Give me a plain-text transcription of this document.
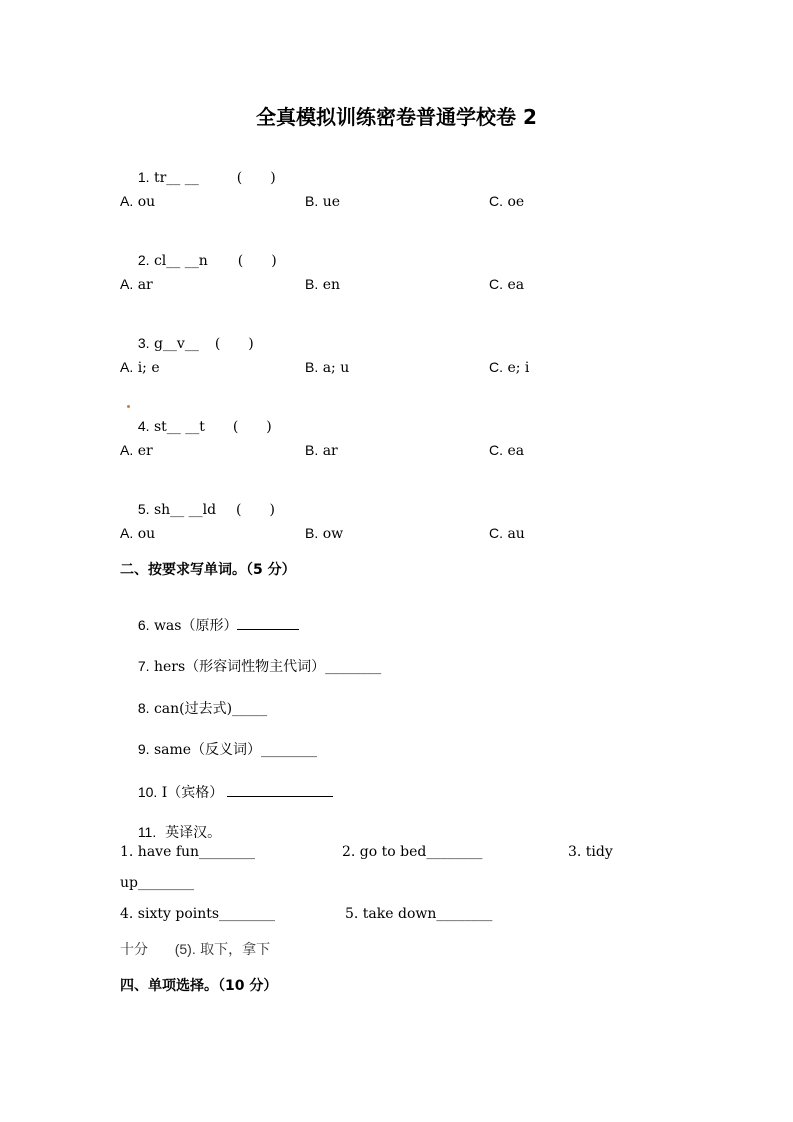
全真模拟训练密卷普通学校卷 2

1. tr__ __	(　　)

A. ou	B. ue	C. oe

2. cl__ __n (　　)

A. ar	B. en	C. ea

3. g__v__ (　　)

A. i; e	B. a; u	C. e; i

4. st__ __t (　　)

A. er	B. ar	C. ea

5. sh__ __ld (　　)

A. ou	B. ow	C. au
二、按要求写单词。（5 分）

6. was（原形）

7. hers（形容词性物主代词）________

8. can(过去式)_____

9. same（反义词）________

10. I（宾格）

11. 英译汉。

1. have fun________	2. go to bed________	3. tidy
up________
4. sixty points________	5. take down________
十分 (5). 取下，拿下
四、单项选择。（10 分）
